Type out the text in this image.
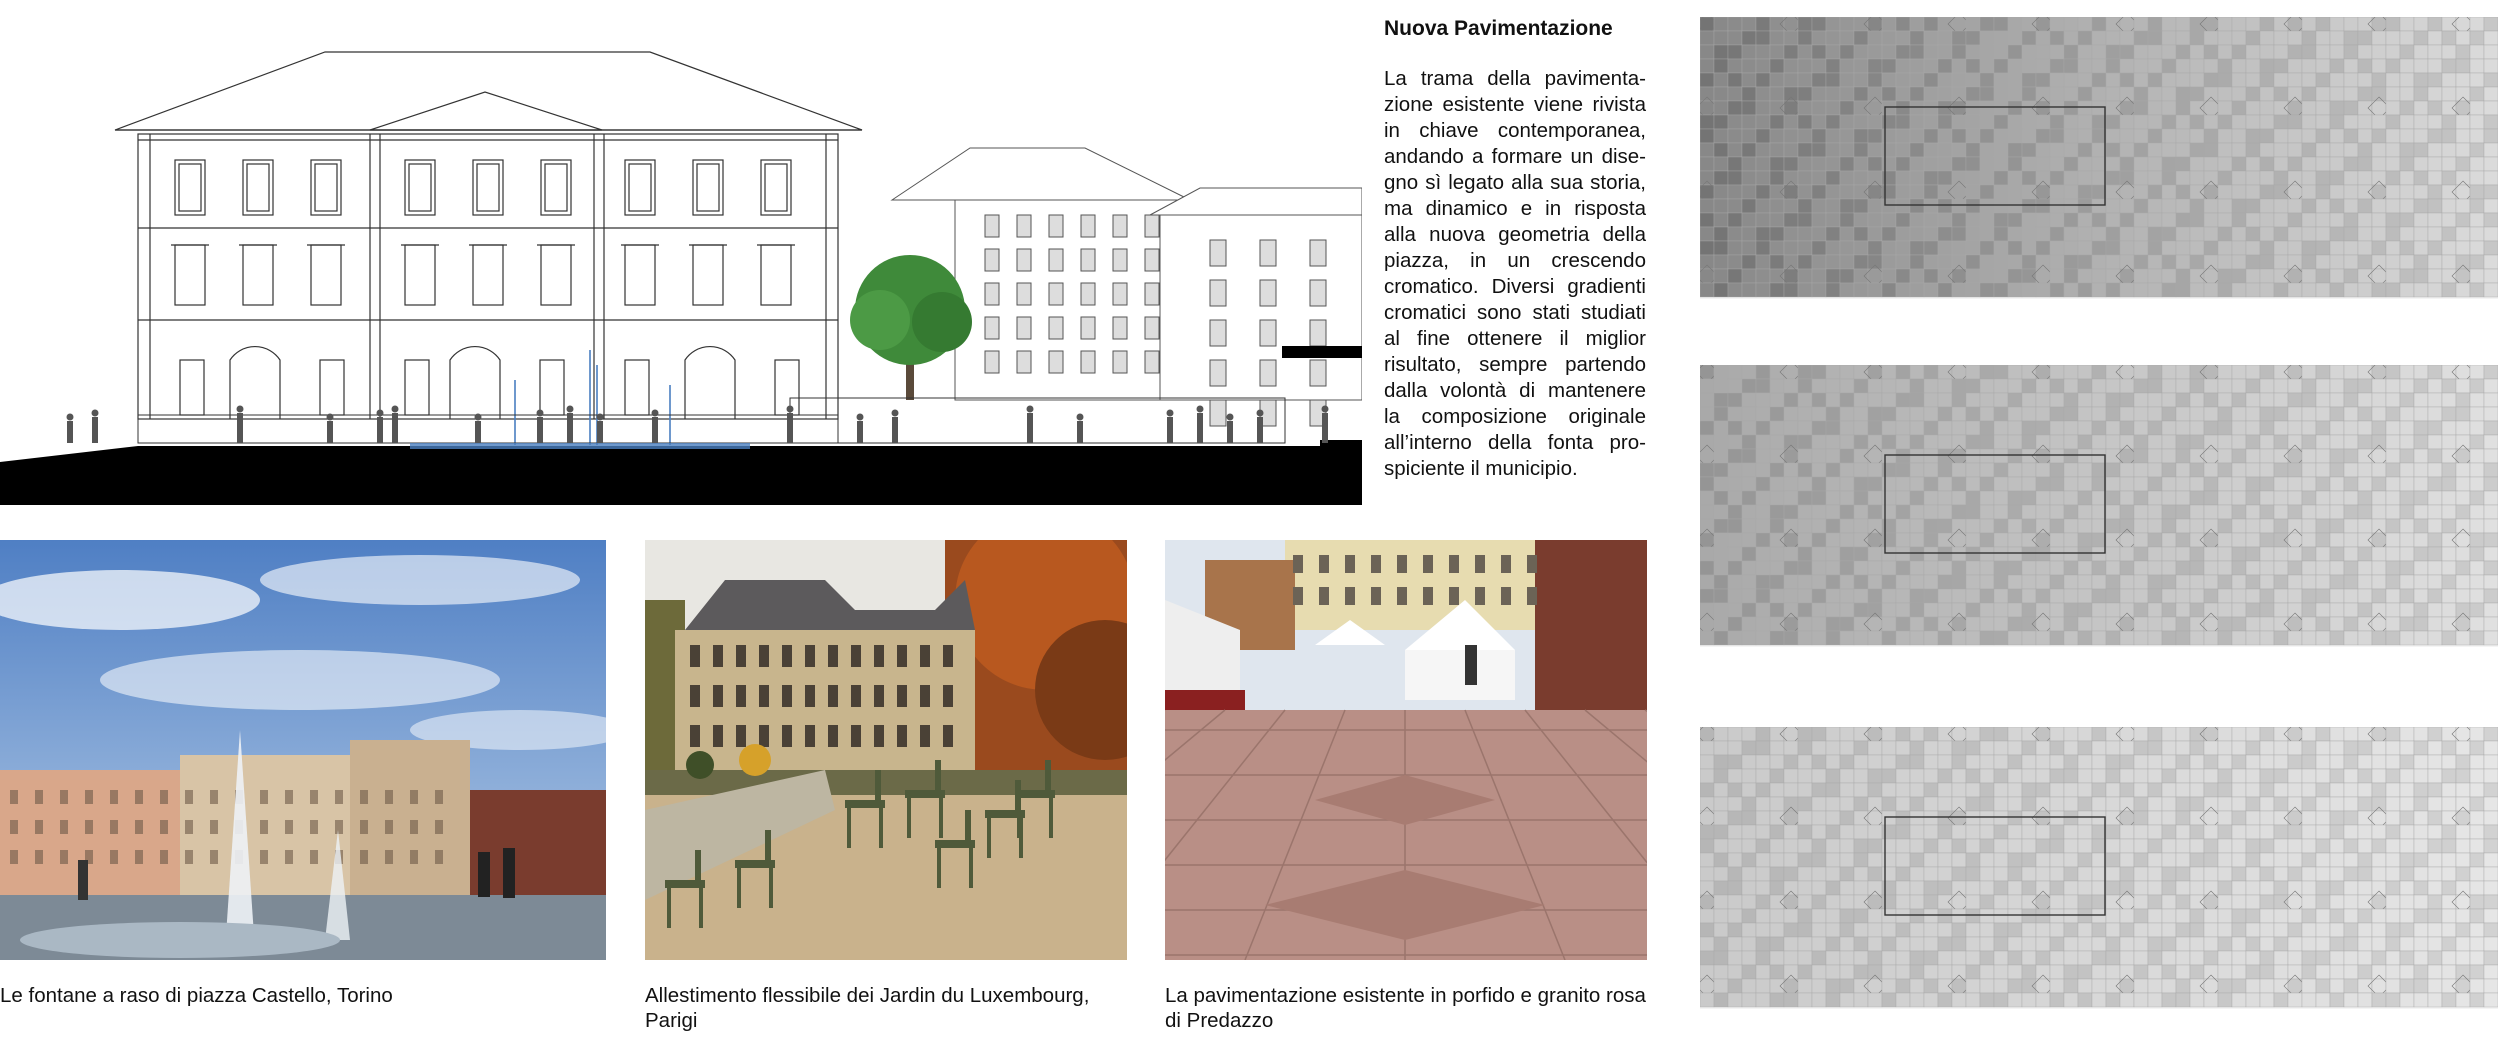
Nuova Pavimentazione

La trama della pavimentazione esistente viene rivista in chiave contemporanea, andando a formare un disegno sì legato alla sua storia, ma dinamico e in risposta alla nuova geometria della piazza, in un crescendo cromatico. Diversi gradienti cromatici sono stati studiati al fine ottenere il miglior risultato, sempre partendo dalla volontà di mantenere la composizione originale all’interno della fonta prospiciente il municipio.

Le fontane a raso di piazza Castello, Torino	Allestimento flessibile dei Jardin du Luxembourg, Parigi
La pavimentazione esistente in porfido e granito rosa di Predazzo
